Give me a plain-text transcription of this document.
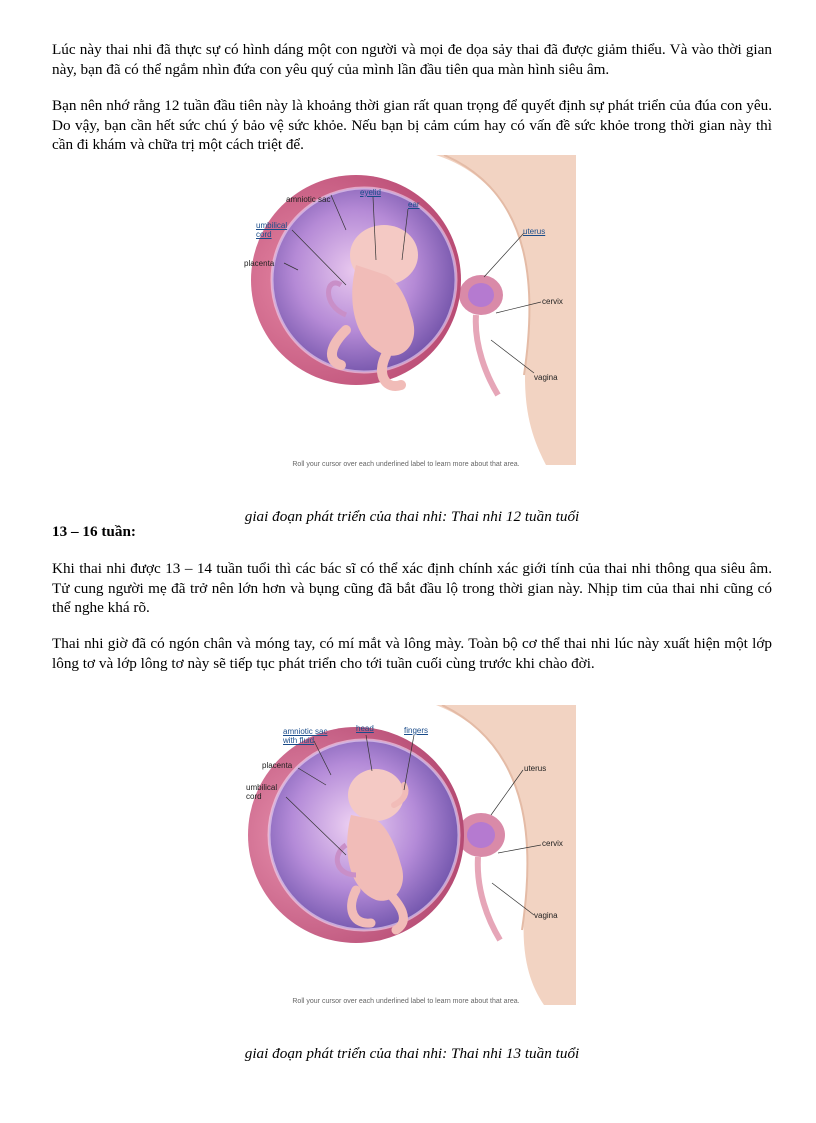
Lúc này thai nhi đã thực sự có hình dáng một con người và mọi đe dọa sảy thai đã được giảm thiểu. Và vào thời gian này, bạn đã có thể ngắm nhìn đứa con yêu quý của mình lần đầu tiên qua màn hình siêu âm.

Bạn nên nhớ rằng 12 tuần đầu tiên này là khoảng thời gian rất quan trọng để quyết định sự phát triển của đúa con yêu. Do vậy, bạn cần hết sức chú ý bảo vệ sức khỏe. Nếu bạn bị cảm cúm hay có vấn đề sức khỏe trong thời gian này thì cần đi khám và chữa trị một cách triệt để.

amniotic sac
eyelid
ear
umbilical
cord
placenta
uterus
cervix
vagina
Roll your cursor over each underlined label to learn more about that area.

giai đoạn phát triển của thai nhi: Thai nhi 12 tuần tuổi

13 – 16 tuần:

Khi thai nhi được 13 – 14 tuần tuổi thì các bác sĩ có thể xác định chính xác giới tính của thai nhi thông qua siêu âm. Tử cung người mẹ đã trở nên lớn hơn và bụng cũng đã bắt đầu lộ trong thời gian này. Nhịp tim của thai nhi cũng có thể nghe khá rõ.

Thai nhi giờ đã có ngón chân và móng tay, có mí mắt và lông mày. Toàn bộ cơ thể thai nhi lúc này xuất hiện một lớp lông tơ và lớp lông tơ này sẽ tiếp tục phát triển cho tới tuần cuối cùng trước khi chào đời.

amniotic sac
with fluid
head	fingers
placenta
umbilical
cord
uterus
cervix
vagina
Roll your cursor over each underlined label to learn more about that area.

giai đoạn phát triển của thai nhi: Thai nhi 13 tuần tuổi
